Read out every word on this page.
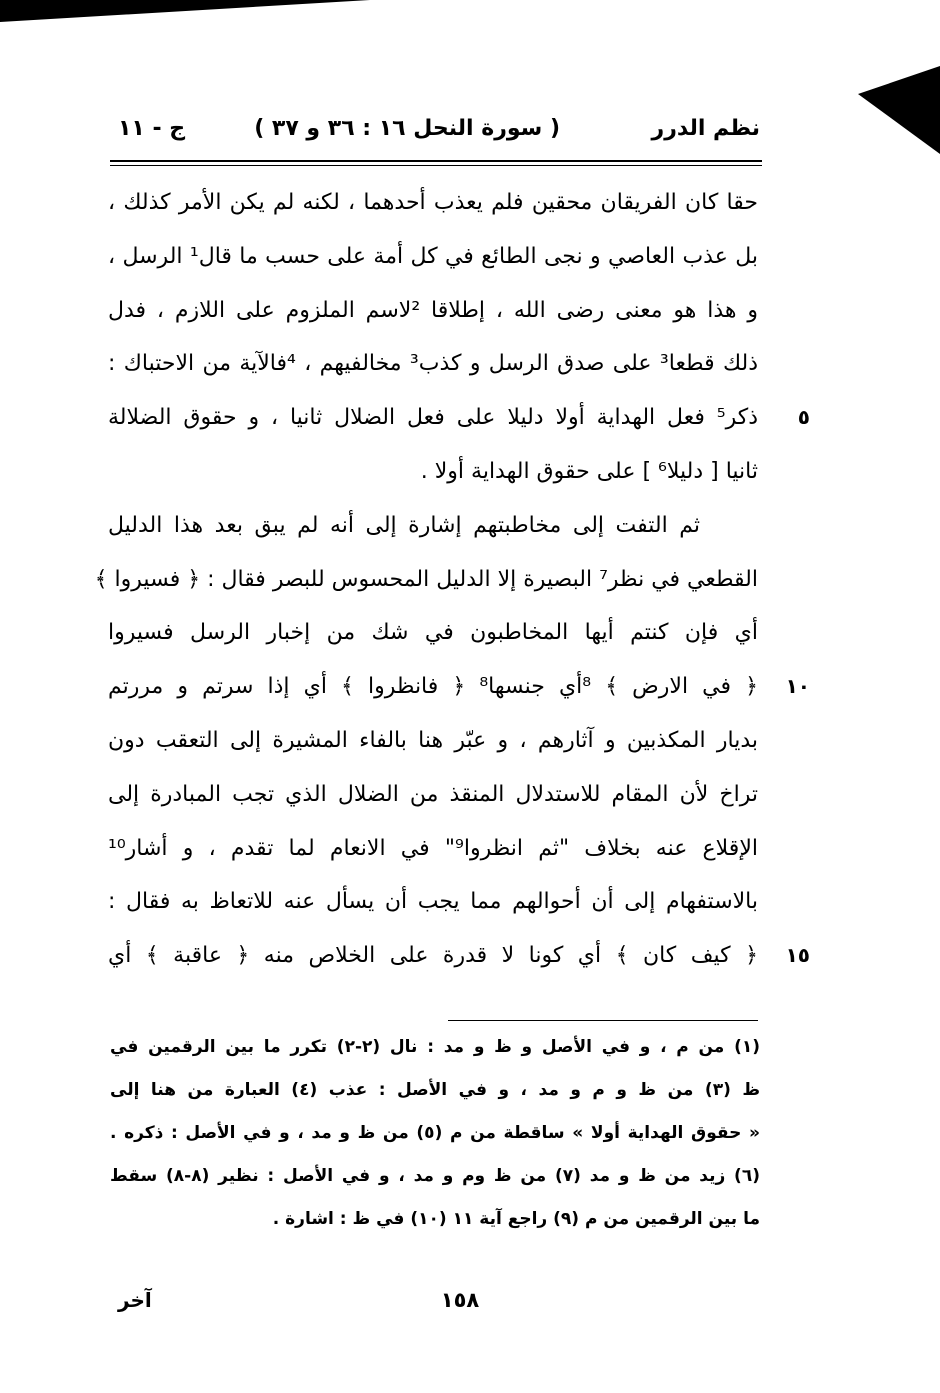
نظم الدرر
( سورة النحل ١٦ : ٣٦ و ٣٧ )
ج - ١١
حقا كان الفريقان محقين فلم يعذب أحدهما ، لكنه لم يكن الأمر كذلك ،
بل عذب العاصي و نجى الطائع في كل أمة على حسب ما قال¹ الرسل ،
و هذا هو معنى رضى الله ، إطلاقا ²لاسم الملزوم على اللازم ، فدل
ذلك قطعا³ على صدق الرسل و كذب³ مخالفيهم ، ⁴فالآية من الاحتباك :
٥
ذكر⁵ فعل الهداية أولا دليلا على فعل الضلال ثانيا ، و حقوق الضلالة
ثانيا [ دليلا⁶ ] على حقوق الهداية أولا .
ثم التفت إلى مخاطبتهم إشارة إلى أنه لم يبق بعد هذا الدليل
القطعي في نظر⁷ البصيرة إلا الدليل المحسوس للبصر فقال : ﴿ فسيروا ﴾
أي فإن كنتم أيها المخاطبون في شك من إخبار الرسل فسيروا
١٠
﴿ في الارض ﴾ ⁸أي جنسها⁸ ﴿ فانظروا ﴾ أي إذا سرتم و مررتم
بديار المكذبين و آثارهم ، و عبّر هنا بالفاء المشيرة إلى التعقب دون
تراخ لأن المقام للاستدلال المنقذ من الضلال الذي تجب المبادرة إلى
الإقلاع عنه بخلاف "ثم انظروا⁹" في الانعام لما تقدم ، و أشار¹⁰
بالاستفهام إلى أن أحوالهم مما يجب أن يسأل عنه للاتعاظ به فقال :
١٥
﴿ كيف كان ﴾ أي كونا لا قدرة على الخلاص منه ﴿ عاقبة ﴾ أي
(١) من م ، و في الأصل و ظ و مد : نال (٢-٢) تكرر ما بين الرقمين في
ظ (٣) من ظ و م و مد ، و في الأصل : عذب (٤) العبارة من هنا إلى
« حقوق الهداية أولا » ساقطة من م (٥) من ظ و مد ، و في الأصل : ذكره .
(٦) زيد من ظ و مد (٧) من ظ وم و مد ، و في الأصل : نظير (٨-٨) سقط
ما بين الرقمين من م (٩) راجع آية ١١ (١٠) في ظ : اشارة .
١٥٨
آخر
